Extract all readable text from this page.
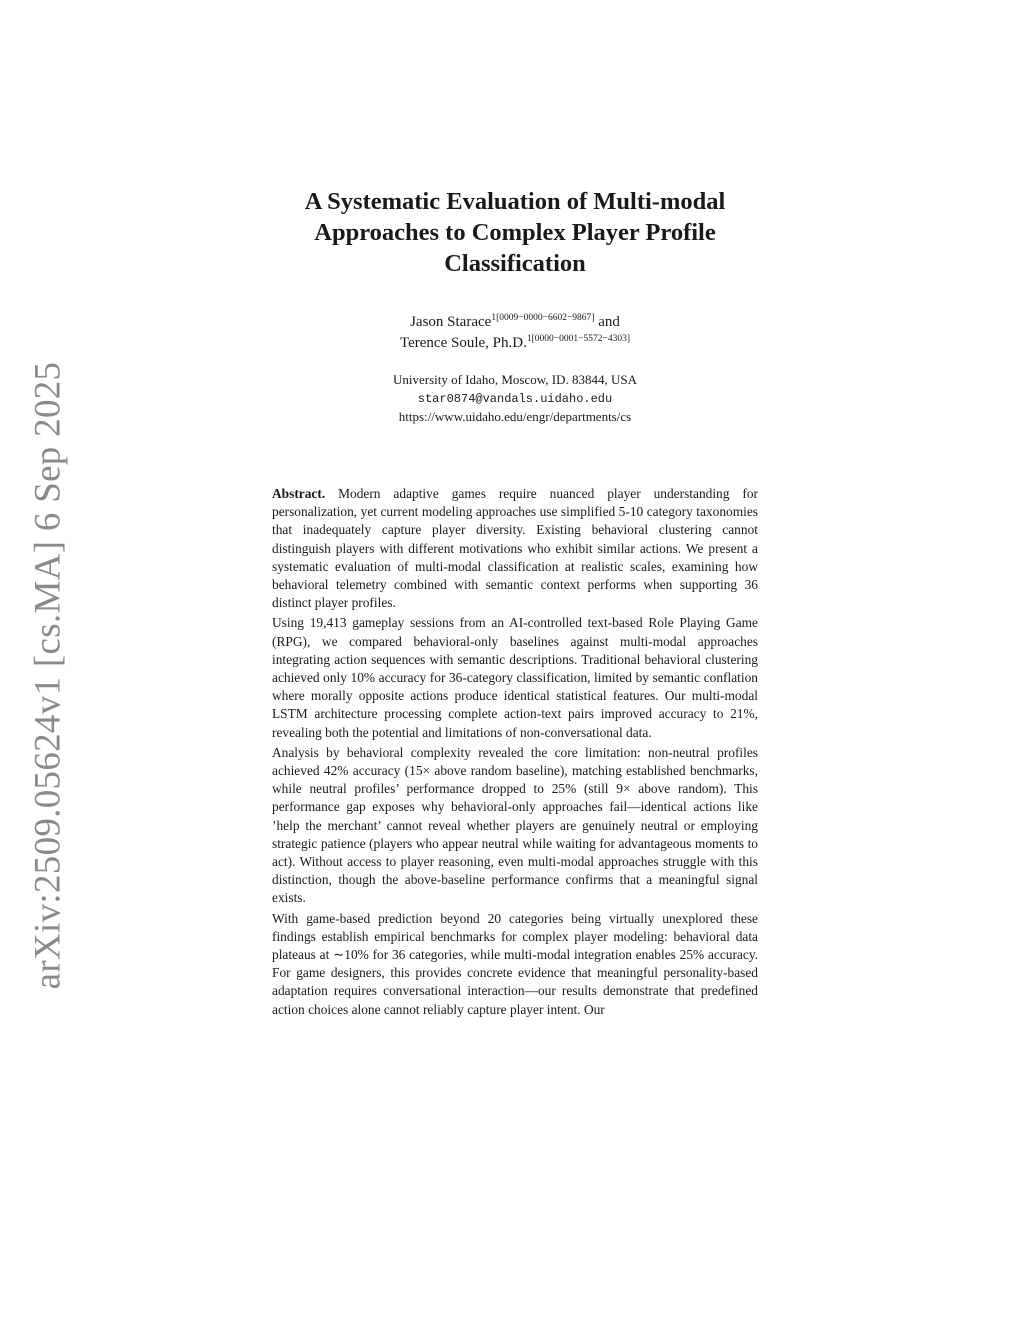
arXiv:2509.05624v1 [cs.MA] 6 Sep 2025
A Systematic Evaluation of Multi-modal
Approaches to Complex Player Profile
Classification
Jason Starace$^{1[0009-0000-6602-9867]}$ and
Terence Soule, Ph.D.$^{1[0000-0001-5572-4303]}$
University of Idaho, Moscow, ID. 83844, USA
star0874@vandals.uidaho.edu
https://www.uidaho.edu/engr/departments/cs

Abstract. Modern adaptive games require nuanced player understanding for personalization, yet current modeling approaches use simplified 5-10 category taxonomies that inadequately capture player diversity. Existing behavioral clustering cannot distinguish players with different motivations who exhibit similar actions. We present a systematic evaluation of multi-modal classification at realistic scales, examining how behavioral telemetry combined with semantic context performs when supporting 36 distinct player profiles.

Using 19,413 gameplay sessions from an AI-controlled text-based Role Playing Game (RPG), we compared behavioral-only baselines against multi-modal approaches integrating action sequences with semantic descriptions. Traditional behavioral clustering achieved only 10% accuracy for 36-category classification, limited by semantic conflation where morally opposite actions produce identical statistical features. Our multi-modal LSTM architecture processing complete action-text pairs improved accuracy to 21%, revealing both the potential and limitations of non-conversational data.

Analysis by behavioral complexity revealed the core limitation: non-neutral profiles achieved 42% accuracy (15× above random baseline), matching established benchmarks, while neutral profiles’ performance dropped to 25% (still 9× above random). This performance gap exposes why behavioral-only approaches fail—identical actions like ’help the merchant’ cannot reveal whether players are genuinely neutral or employing strategic patience (players who appear neutral while waiting for advantageous moments to act). Without access to player reasoning, even multi-modal approaches struggle with this distinction, though the above-baseline performance confirms that a meaningful signal exists.

With game-based prediction beyond 20 categories being virtually unexplored these findings establish empirical benchmarks for complex player modeling: behavioral data plateaus at ∼10% for 36 categories, while multi-modal integration enables 25% accuracy. For game designers, this provides concrete evidence that meaningful personality-based adaptation requires conversational interaction—our results demonstrate that predefined action choices alone cannot reliably capture player intent. Our
